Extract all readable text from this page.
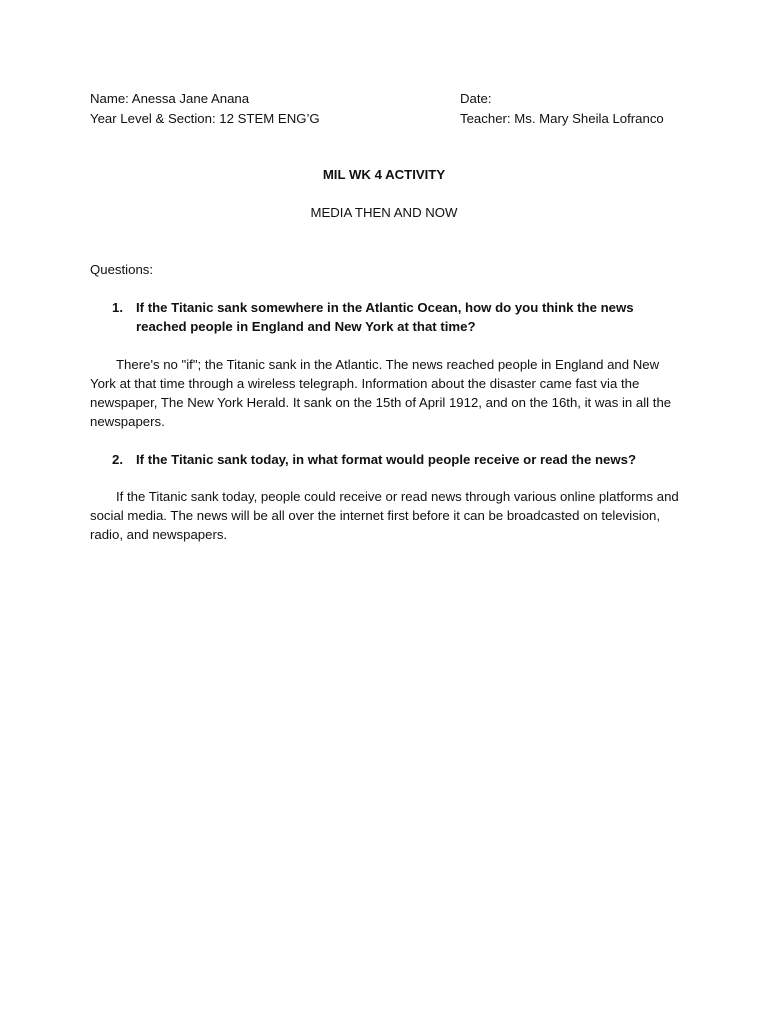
Name: Anessa Jane Anana	Date:
Year Level & Section: 12 STEM ENG’G	Teacher: Ms. Mary Sheila Lofranco
MIL WK 4 ACTIVITY
MEDIA THEN AND NOW
Questions:
1. If the Titanic sank somewhere in the Atlantic Ocean, how do you think the news reached people in England and New York at that time?
There's no "if"; the Titanic sank in the Atlantic. The news reached people in England and New York at that time through a wireless telegraph. Information about the disaster came fast via the newspaper, The New York Herald. It sank on the 15th of April 1912, and on the 16th, it was in all the newspapers.
2. If the Titanic sank today, in what format would people receive or read the news?
If the Titanic sank today, people could receive or read news through various online platforms and social media. The news will be all over the internet first before it can be broadcasted on television, radio, and newspapers.
